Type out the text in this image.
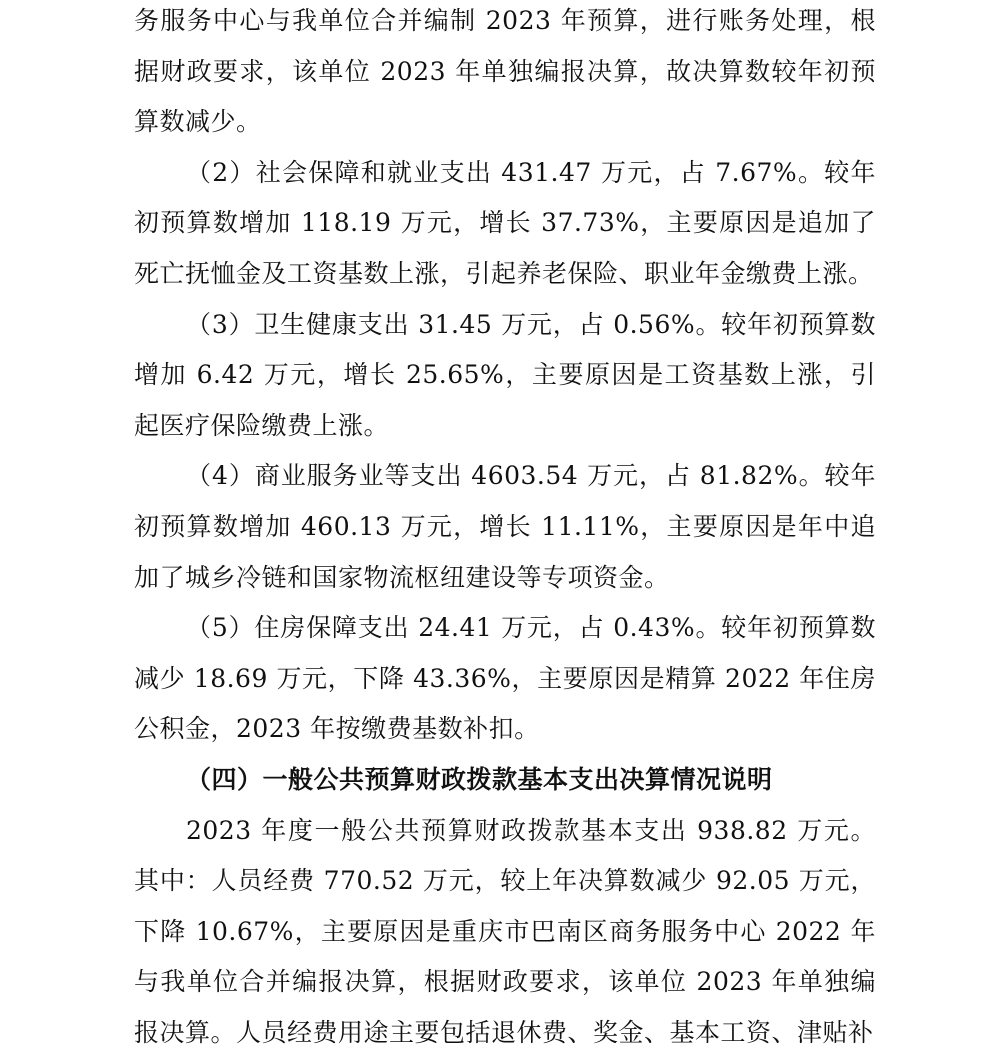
务服务中心与我单位合并编制 2023 年预算，进行账务处理，根据财政要求，该单位 2023 年单独编报决算，故决算数较年初预算数减少。

（2）社会保障和就业支出 431.47 万元，占 7.67%。较年初预算数增加 118.19 万元，增长 37.73%，主要原因是追加了死亡抚恤金及工资基数上涨，引起养老保险、职业年金缴费上涨。

（3）卫生健康支出 31.45 万元，占 0.56%。较年初预算数增加 6.42 万元，增长 25.65%，主要原因是工资基数上涨，引起医疗保险缴费上涨。

（4）商业服务业等支出 4603.54 万元，占 81.82%。较年初预算数增加 460.13 万元，增长 11.11%，主要原因是年中追加了城乡冷链和国家物流枢纽建设等专项资金。

（5）住房保障支出 24.41 万元，占 0.43%。较年初预算数减少 18.69 万元，下降 43.36%，主要原因是精算 2022 年住房公积金，2023 年按缴费基数补扣。

（四）一般公共预算财政拨款基本支出决算情况说明

2023 年度一般公共预算财政拨款基本支出 938.82 万元。其中：人员经费 770.52 万元，较上年决算数减少 92.05 万元，下降 10.67%，主要原因是重庆市巴南区商务服务中心 2022 年与我单位合并编报决算，根据财政要求，该单位 2023 年单独编报决算。人员经费用途主要包括退休费、奖金、基本工资、津贴补
